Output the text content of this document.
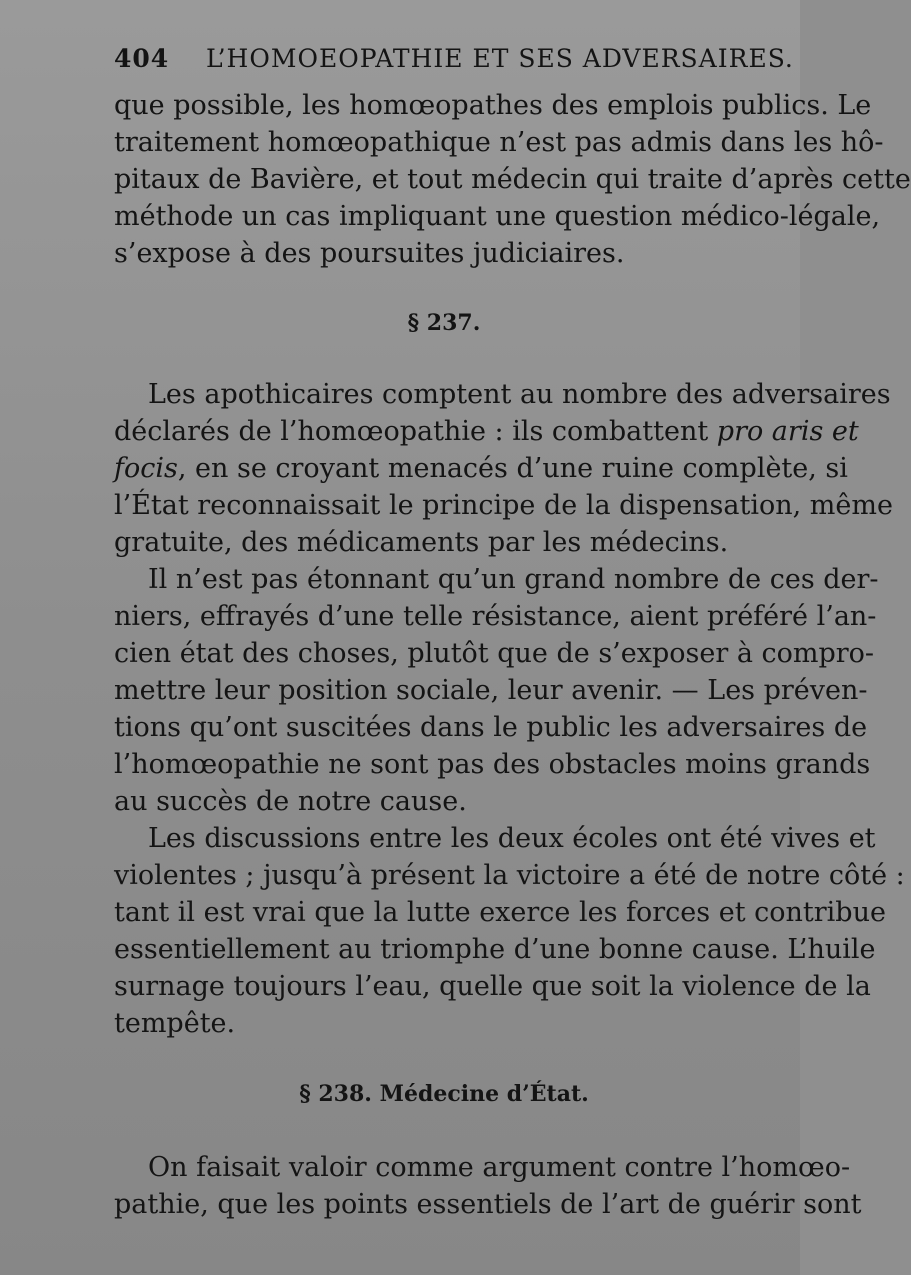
404 L’HOMOEOPATHIE ET SES ADVERSAIRES.
que possible, les homœopathes des emplois publics. Le
traitement homœopathique n’est pas admis dans les hô-
pitaux de Bavière, et tout médecin qui traite d’après cette
méthode un cas impliquant une question médico-légale,
s’expose à des poursuites judiciaires.
§ 237.
Les apothicaires comptent au nombre des adversaires
déclarés de l’homœopathie : ils combattent pro aris et
focis, en se croyant menacés d’une ruine complète, si
l’État reconnaissait le principe de la dispensation, même
gratuite, des médicaments par les médecins.
Il n’est pas étonnant qu’un grand nombre de ces der-
niers, effrayés d’une telle résistance, aient préféré l’an-
cien état des choses, plutôt que de s’exposer à compro-
mettre leur position sociale, leur avenir. — Les préven-
tions qu’ont suscitées dans le public les adversaires de
l’homœopathie ne sont pas des obstacles moins grands
au succès de notre cause.
Les discussions entre les deux écoles ont été vives et
violentes ; jusqu’à présent la victoire a été de notre côté :
tant il est vrai que la lutte exerce les forces et contribue
essentiellement au triomphe d’une bonne cause. L’huile
surnage toujours l’eau, quelle que soit la violence de la
tempête.
§ 238. Médecine d’État.
On faisait valoir comme argument contre l’homœo-
pathie, que les points essentiels de l’art de guérir sont
